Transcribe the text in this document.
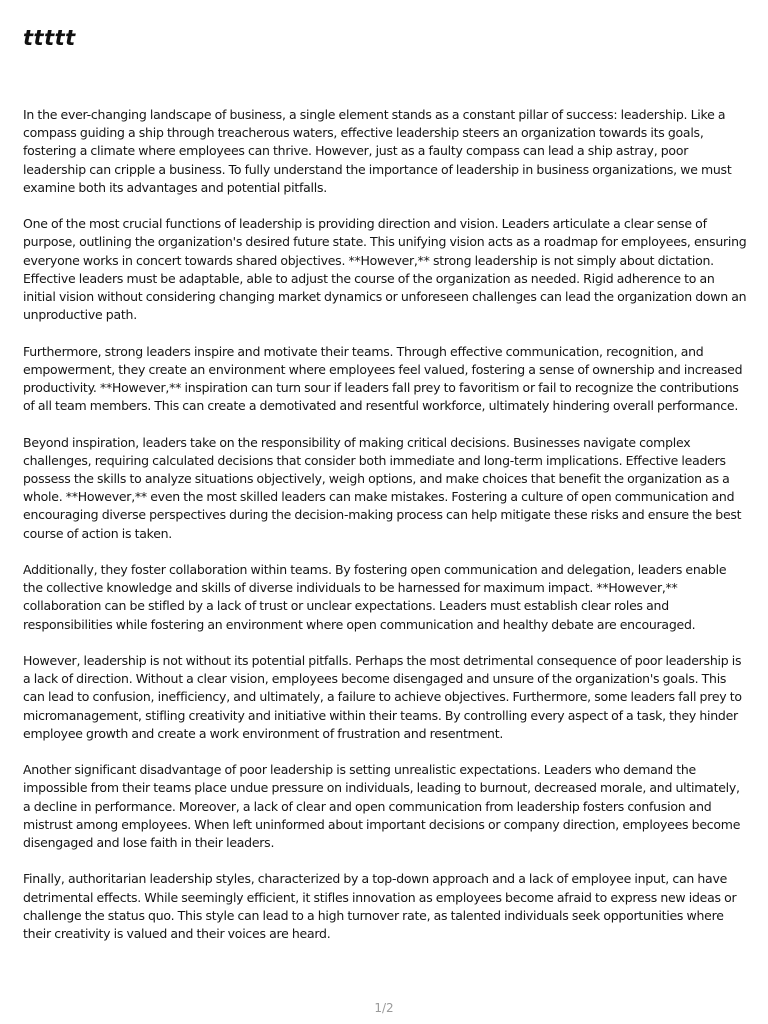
ttttt

In the ever-changing landscape of business, a single element stands as a constant pillar of success: leadership. Like a compass guiding a ship through treacherous waters, effective leadership steers an organization towards its goals, fostering a climate where employees can thrive. However, just as a faulty compass can lead a ship astray, poor leadership can cripple a business. To fully understand the importance of leadership in business organizations, we must examine both its advantages and potential pitfalls.

One of the most crucial functions of leadership is providing direction and vision. Leaders articulate a clear sense of purpose, outlining the organization's desired future state. This unifying vision acts as a roadmap for employees, ensuring everyone works in concert towards shared objectives. **However,** strong leadership is not simply about dictation. Effective leaders must be adaptable, able to adjust the course of the organization as needed. Rigid adherence to an initial vision without considering changing market dynamics or unforeseen challenges can lead the organization down an unproductive path.

Furthermore, strong leaders inspire and motivate their teams. Through effective communication, recognition, and empowerment, they create an environment where employees feel valued, fostering a sense of ownership and increased productivity. **However,** inspiration can turn sour if leaders fall prey to favoritism or fail to recognize the contributions of all team members. This can create a demotivated and resentful workforce, ultimately hindering overall performance.

Beyond inspiration, leaders take on the responsibility of making critical decisions. Businesses navigate complex challenges, requiring calculated decisions that consider both immediate and long-term implications. Effective leaders possess the skills to analyze situations objectively, weigh options, and make choices that benefit the organization as a whole. **However,** even the most skilled leaders can make mistakes. Fostering a culture of open communication and encouraging diverse perspectives during the decision-making process can help mitigate these risks and ensure the best course of action is taken.

Additionally, they foster collaboration within teams. By fostering open communication and delegation, leaders enable the collective knowledge and skills of diverse individuals to be harnessed for maximum impact. **However,** collaboration can be stifled by a lack of trust or unclear expectations. Leaders must establish clear roles and responsibilities while fostering an environment where open communication and healthy debate are encouraged.

However, leadership is not without its potential pitfalls. Perhaps the most detrimental consequence of poor leadership is a lack of direction. Without a clear vision, employees become disengaged and unsure of the organization's goals. This can lead to confusion, inefficiency, and ultimately, a failure to achieve objectives. Furthermore, some leaders fall prey to micromanagement, stifling creativity and initiative within their teams. By controlling every aspect of a task, they hinder employee growth and create a work environment of frustration and resentment.

Another significant disadvantage of poor leadership is setting unrealistic expectations. Leaders who demand the impossible from their teams place undue pressure on individuals, leading to burnout, decreased morale, and ultimately, a decline in performance. Moreover, a lack of clear and open communication from leadership fosters confusion and mistrust among employees. When left uninformed about important decisions or company direction, employees become disengaged and lose faith in their leaders.

Finally, authoritarian leadership styles, characterized by a top-down approach and a lack of employee input, can have detrimental effects. While seemingly efficient, it stifles innovation as employees become afraid to express new ideas or challenge the status quo. This style can lead to a high turnover rate, as talented individuals seek opportunities where their creativity is valued and their voices are heard.

1/2
